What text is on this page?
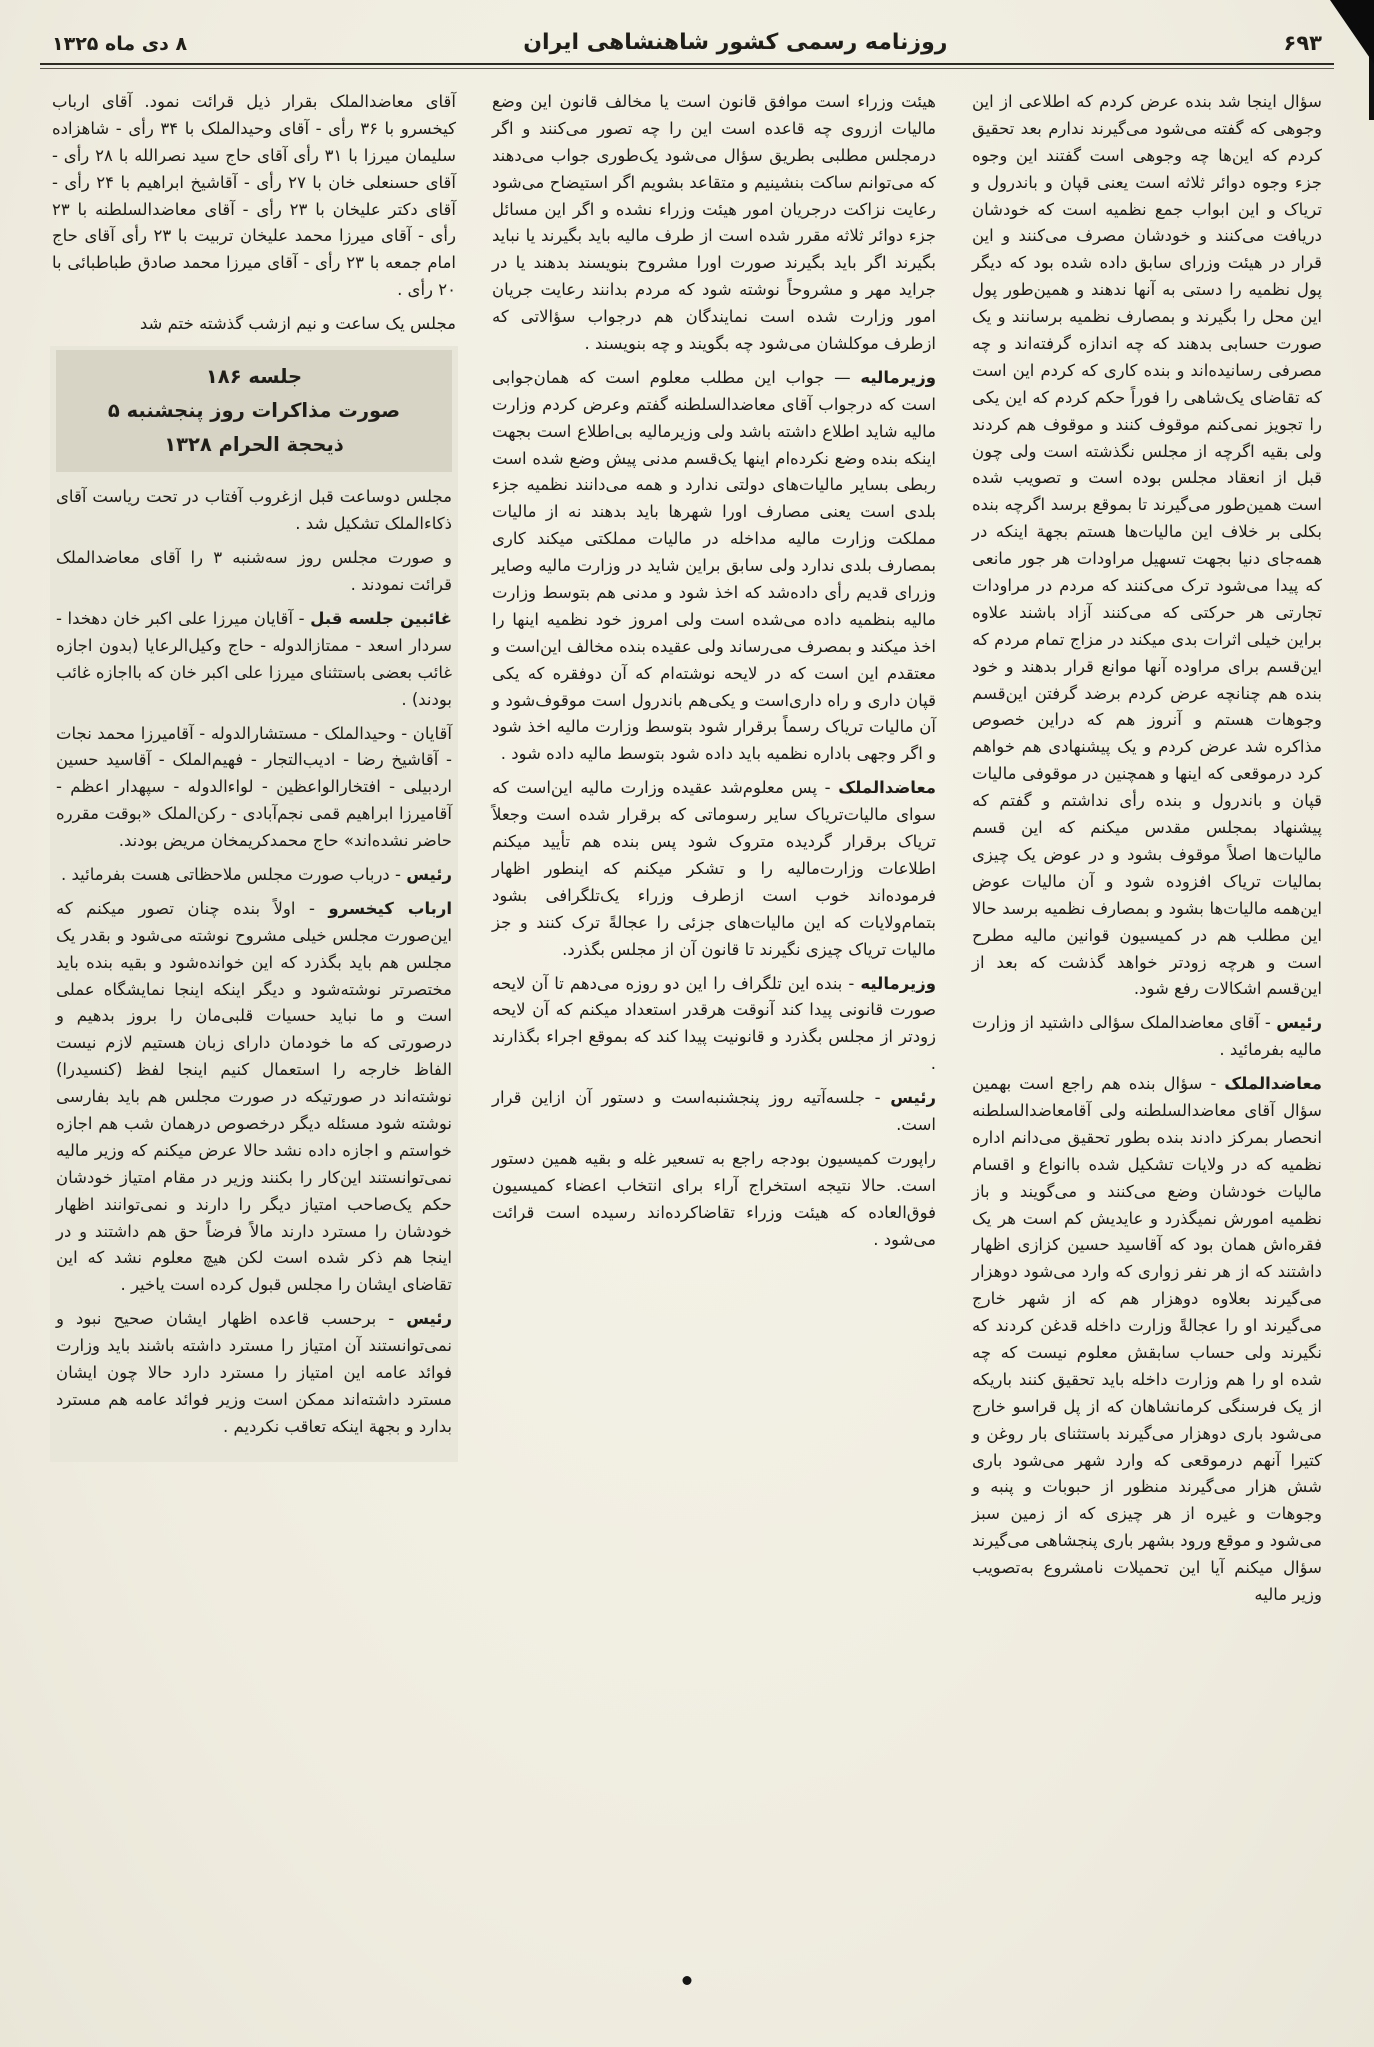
۶۹۳
روزنامه رسمی کشور شاهنشاهی ایران
۸ دی ماه ۱۳۲۵

سؤال اینجا شد بنده عرض کردم که اطلاعی از این وجوهی که گفته می‌شود می‌گیرند ندارم بعد تحقیق کردم که این‌ها چه وجوهی است گفتند این وجوه جزء وجوه دوائر ثلاثه است یعنی قپان و باندرول و تریاک و این ابواب جمع نظمیه است که خودشان دریافت می‌کنند و خودشان مصرف می‌کنند و این قرار در هیئت وزرای سابق داده شده بود که دیگر پول نظمیه را دستی به آنها ندهند و همین‌طور پول این محل را بگیرند و بمصارف نظمیه برسانند و یک صورت حسابی بدهند که چه اندازه گرفته‌اند و چه مصرفی رسانیده‌اند و بنده کاری که کردم این است که تقاضای یک‌شاهی را فوراً حکم کردم که این یکی را تجویز نمی‌کنم موقوف کنند و موقوف هم کردند ولی بقیه اگرچه از مجلس نگذشته است ولی چون قبل از انعقاد مجلس بوده است و تصویب شده است همین‌طور می‌گیرند تا بموقع برسد اگرچه بنده بکلی بر خلاف این مالیات‌ها هستم بجهة اینکه در همه‌جای دنیا بجهت تسهیل مراودات هر جور مانعی که پیدا می‌شود ترک می‌کنند که مردم در مراودات تجارتی هر حرکتی که می‌کنند آزاد باشند علاوه براین خیلی اثرات بدی میکند در مزاج تمام مردم که این‌قسم برای مراوده آنها موانع قرار بدهند و خود بنده هم چنانچه عرض کردم برضد گرفتن این‌قسم وجوهات هستم و آنروز هم که دراین خصوص مذاکره شد عرض کردم و یک پیشنهادی هم خواهم کرد درموقعی که اینها و همچنین در موقوفی مالیات قپان و باندرول و بنده رأی نداشتم و گفتم که پیشنهاد بمجلس مقدس میکنم که این قسم مالیات‌ها اصلاً موقوف بشود و در عوض یک چیزی بمالیات تریاک افزوده شود و آن مالیات عوض این‌همه مالیات‌ها بشود و بمصارف نظمیه برسد حالا این مطلب هم در کمیسیون قوانین مالیه مطرح است و هرچه زودتر خواهد گذشت که بعد از این‌قسم اشکالات رفع شود.

رئیس - آقای معاضدالملک سؤالی داشتید از وزارت مالیه بفرمائید .

معاضدالملک - سؤال بنده هم راجع است بهمین سؤال آقای معاضدالسلطنه ولی آقامعاضدالسلطنه انحصار بمرکز دادند بنده بطور تحقیق می‌دانم اداره نظمیه که در ولایات تشکیل شده باانواع و اقسام مالیات خودشان وضع می‌کنند و می‌گویند و باز نظمیه امورش نمیگذرد و عایدیش کم است هر یک فقره‌اش همان بود که آقاسید حسین کزازی اظهار داشتند که از هر نفر زواری که وارد می‌شود دوهزار می‌گیرند بعلاوه دوهزار هم که از شهر خارج می‌گیرند او را عجالةً وزارت داخله قدغن کردند که نگیرند ولی حساب سابقش معلوم نیست که چه شده او را هم وزارت داخله باید تحقیق کنند باریکه از یک فرسنگی کرمانشاهان که از پل قراسو خارج می‌شود باری دوهزار می‌گیرند باستثنای بار روغن و کتیرا آنهم درموقعی که وارد شهر می‌شود باری شش هزار می‌گیرند منظور از حبوبات و پنبه و وجوهات و غیره از هر چیزی که از زمین سبز می‌شود و موقع ورود بشهر باری پنجشاهی می‌گیرند سؤال میکنم آیا این تحمیلات نامشروع به‌تصویب وزیر مالیه

هیئت وزراء است موافق قانون است یا مخالف قانون این وضع مالیات ازروی چه قاعده است این را چه تصور می‌کنند و اگر درمجلس مطلبی بطریق سؤال می‌شود یک‌طوری جواب می‌دهند که می‌توانم ساکت بنشینیم و متقاعد بشویم اگر استیضاح می‌شود رعایت نزاکت درجریان امور هیئت وزراء نشده و اگر این مسائل جزء دوائر ثلاثه مقرر شده است از طرف مالیه باید بگیرند یا نباید بگیرند اگر باید بگیرند صورت اورا مشروح بنویسند بدهند یا در جراید مهر و مشروحاً نوشته شود که مردم بدانند رعایت جریان امور وزارت شده است نمایندگان هم درجواب سؤالاتی که ازطرف موکلشان می‌شود چه بگویند و چه بنویسند .

وزیرمالیه — جواب این مطلب معلوم است که همان‌جوابی است که درجواب آقای معاضدالسلطنه گفتم وعرض کردم وزارت مالیه شاید اطلاع داشته باشد ولی وزیرمالیه بی‌اطلاع است بجهت اینکه بنده وضع نکرده‌ام اینها یک‌قسم مدنی پیش وضع شده است ربطی بسایر مالیات‌های دولتی ندارد و همه می‌دانند نظمیه جزء بلدی است یعنی مصارف اورا شهرها باید بدهند نه از مالیات مملکت وزارت مالیه مداخله در مالیات مملکتی میکند کاری بمصارف بلدی ندارد ولی سابق براین شاید در وزارت مالیه وصایر وزرای قدیم رأی داده‌شد که اخذ شود و مدنی هم بتوسط وزارت مالیه بنظمیه داده می‌شده است ولی امروز خود نظمیه اینها را اخذ میکند و بمصرف می‌رساند ولی عقیده بنده مخالف این‌است و معتقدم این است که در لایحه نوشته‌ام که آن دوفقره که یکی قپان داری و راه داری‌است و یکی‌هم باندرول است موقوف‌شود و آن مالیات تریاک رسماً برقرار شود بتوسط وزارت مالیه اخذ شود و اگر وجهی باداره نظمیه باید داده شود بتوسط مالیه داده شود .

معاضدالملک - پس معلوم‌شد عقیده وزارت مالیه این‌است که سوای مالیات‌تریاک سایر رسوماتی که برقرار شده است وجعلاً تریاک برقرار گردیده متروک شود پس بنده هم تأیید میکنم اطلاعات وزارت‌مالیه را و تشکر میکنم که اینطور اظهار فرموده‌اند خوب است ازطرف وزراء یک‌تلگرافی بشود بتمام‌ولایات که این مالیات‌های جزئی را عجالةً ترک کنند و جز مالیات تریاک چیزی نگیرند تا قانون آن از مجلس بگذرد.

وزیرمالیه - بنده این تلگراف را این دو روزه می‌دهم تا آن لایحه صورت قانونی پیدا کند آنوقت هرقدر استعداد میکنم که آن لایحه زودتر از مجلس بگذرد و قانونیت پیدا کند که بموقع اجراء بگذارند .

رئیس - جلسه‌آتیه روز پنجشنبه‌است و دستور آن ازاین قرار است.

راپورت کمیسیون بودجه راجع به تسعیر غله و بقیه همین دستور است. حالا نتیجه استخراج آراء برای انتخاب اعضاء کمیسیون فوق‌العاده که هیئت وزراء تقاضاکرده‌اند رسیده است قرائت می‌شود .

آقای معاضدالملک بقرار ذیل قرائت نمود. آقای ارباب کیخسرو با ۳۶ رأی - آقای وحیدالملک با ۳۴ رأی - شاهزاده سلیمان میرزا با ۳۱ رأی آقای حاج سید نصرالله با ۲۸ رأی - آقای حسنعلی خان با ۲۷ رأی - آقاشیخ ابراهیم با ۲۴ رأی - آقای دکتر علیخان با ۲۳ رأی - آقای معاضدالسلطنه با ۲۳ رأی - آقای میرزا محمد علیخان تربیت با ۲۳ رأی آقای حاج امام جمعه با ۲۳ رأی - آقای میرزا محمد صادق طباطبائی با ۲۰ رأی .

مجلس یک ساعت و نیم ازشب گذشته ختم شد

جلسه ۱۸۶
صورت مذاکرات روز پنجشنبه ۵
ذیحجة الحرام ۱۳۲۸

مجلس دوساعت قبل ازغروب آفتاب در تحت ریاست آقای ذکاءالملک تشکیل شد .

و صورت مجلس روز سه‌شنبه ۳ را آقای معاضدالملک قرائت نمودند .

غائبین جلسه قبل - آقایان میرزا علی اکبر خان دهخدا - سردار اسعد - ممتازالدوله - حاج وکیل‌الرعایا (بدون اجازه غائب بعضی باستثنای میرزا علی اکبر خان که بااجازه غائب بودند) .

آقایان - وحیدالملک - مستشارالدوله - آقامیرزا محمد نجات - آقاشیخ رضا - ادیب‌التجار - فهیم‌الملک - آقاسید حسین اردبیلی - افتخارالواعظین - لواءالدوله - سپهدار اعظم - آقامیرزا ابراهیم قمی نجم‌آبادی - رکن‌الملک «بوقت مقرره حاضر نشده‌اند» حاج محمدکریمخان مریض بودند.

رئیس - درباب صورت مجلس ملاحظاتی هست بفرمائید .

ارباب کیخسرو - اولاً بنده چنان تصور میکنم که این‌صورت مجلس خیلی مشروح نوشته می‌شود و بقدر یک مجلس هم باید بگذرد که این خوانده‌شود و بقیه بنده باید مختصرتر نوشته‌شود و دیگر اینکه اینجا نمایشگاه عملی است و ما نباید حسیات قلبی‌مان را بروز بدهیم و درصورتی که ما خودمان دارای زبان هستیم لازم نیست الفاظ خارجه را استعمال کنیم اینجا لفظ (کنسیدرا) نوشته‌اند در صورتیکه در صورت مجلس هم باید بفارسی نوشته شود مسئله دیگر درخصوص درهمان شب هم اجازه خواستم و اجازه داده نشد حالا عرض میکنم که وزیر مالیه نمی‌توانستند این‌کار را بکنند وزیر در مقام امتیاز خودشان حکم یک‌صاحب امتیاز دیگر را دارند و نمی‌توانند اظهار خودشان را مسترد دارند مالاً فرضاً حق هم داشتند و در اینجا هم ذکر شده است لکن هیچ معلوم نشد که این تقاضای ایشان را مجلس قبول کرده است یاخیر .

رئیس - برحسب قاعده اظهار ایشان صحیح نبود و نمی‌توانستند آن امتیاز را مسترد داشته باشند باید وزارت فوائد عامه این امتیاز را مسترد دارد حالا چون ایشان مسترد داشته‌اند ممکن است وزیر فوائد عامه هم مسترد بدارد و بجهة اینکه تعاقب نکردیم .
